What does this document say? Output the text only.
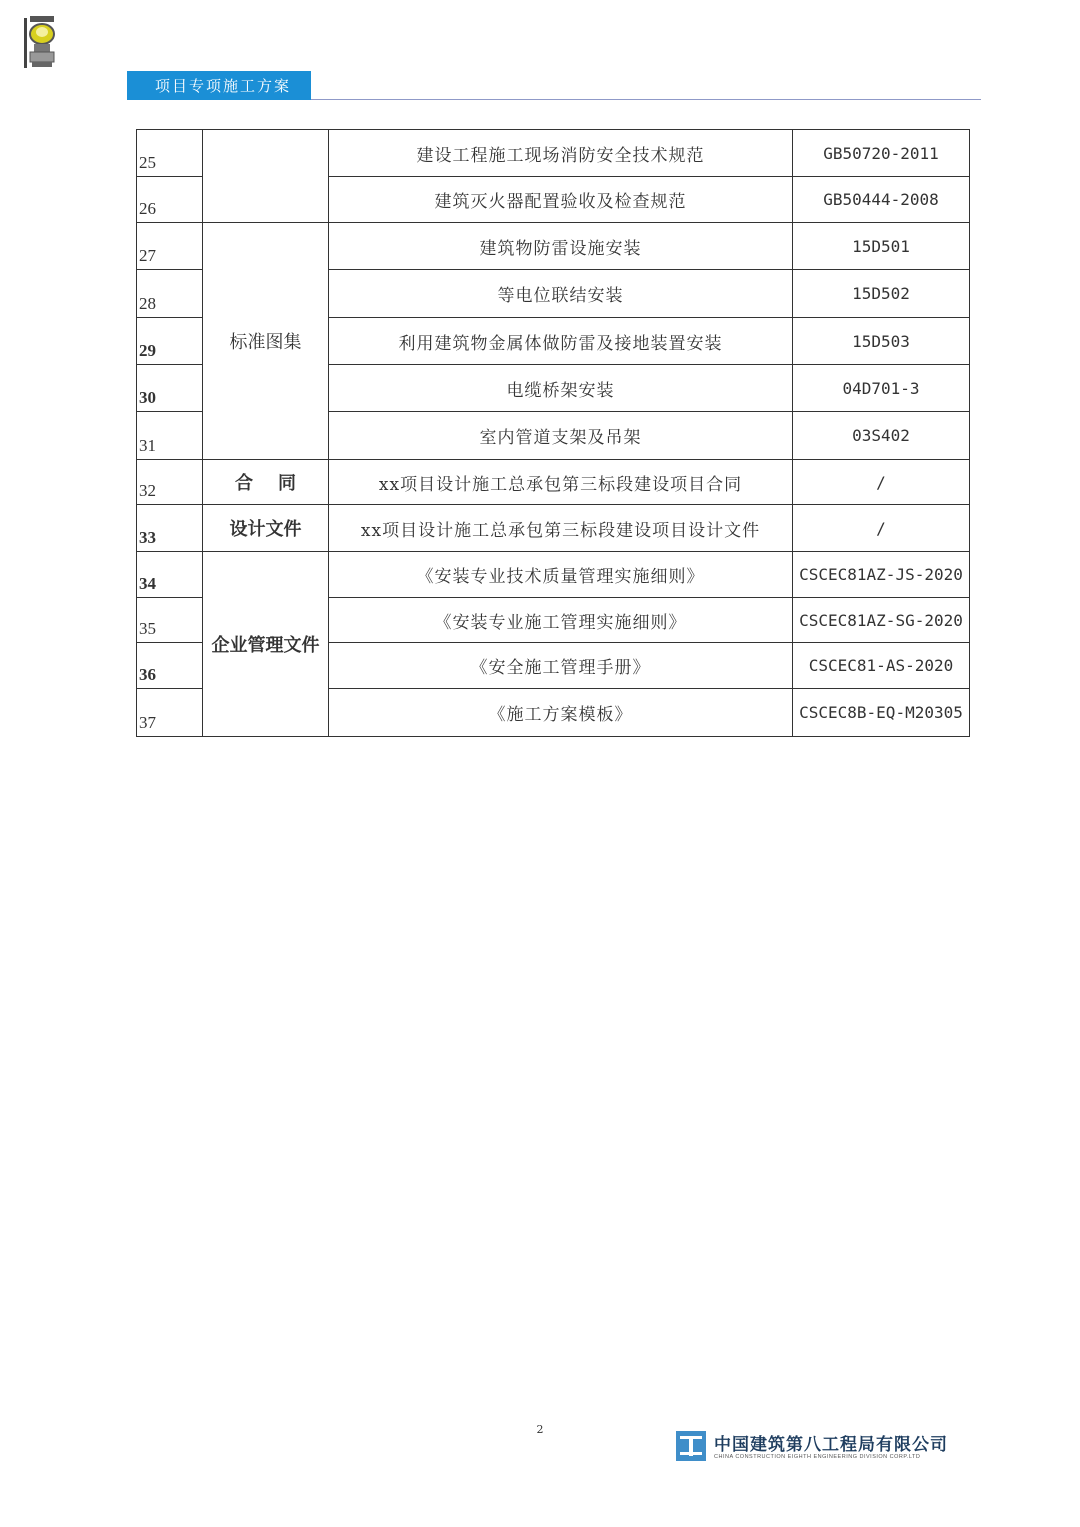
项目专项施工方案
25		建设工程施工现场消防安全技术规范	GB50720-2011
26		建筑灭火器配置验收及检查规范	GB50444-2008
27	标准图集	建筑物防雷设施安装	15D501
28		等电位联结安装	15D502
29		利用建筑物金属体做防雷及接地装置安装	15D503
30		电缆桥架安装	04D701-3
31		室内管道支架及吊架	03S402
32	合    同	xx项目设计施工总承包第三标段建设项目合同	/
33	设计文件	xx项目设计施工总承包第三标段建设项目设计文件	/
34	企业管理文件	《安装专业技术质量管理实施细则》	CSCEC81AZ-JS-2020
35		《安装专业施工管理实施细则》	CSCEC81AZ-SG-2020
36		《安全施工管理手册》	CSCEC81-AS-2020
37		《施工方案模板》	CSCEC8B-EQ-M20305
2
中国建筑第八工程局有限公司
CHINA CONSTRUCTION EIGHTH ENGINEERING DIVISION CORP.LTD
